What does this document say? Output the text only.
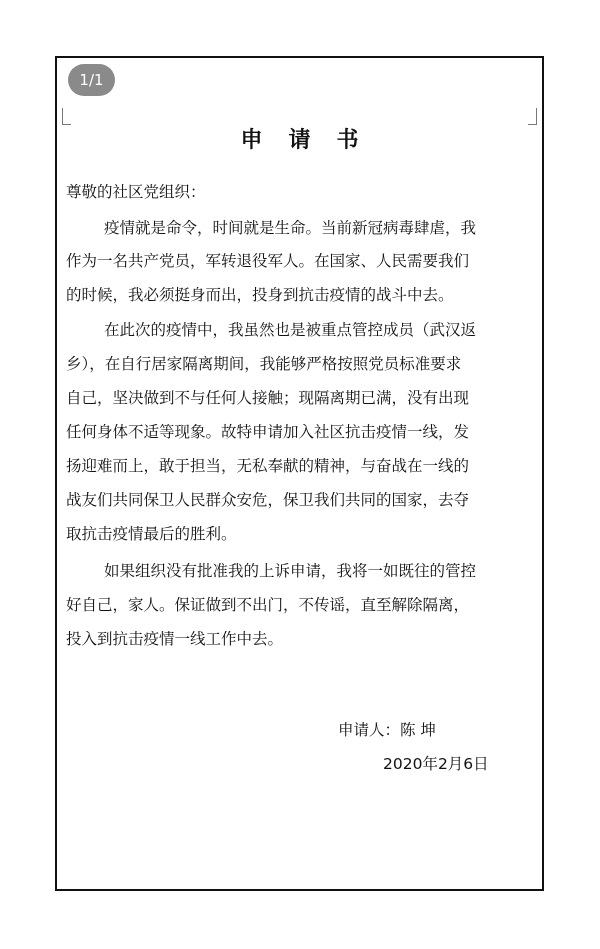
1/1
申请书
尊敬的社区党组织：
疫情就是命令，时间就是生命。当前新冠病毒肆虐，我
作为一名共产党员，军转退役军人。在国家、人民需要我们
的时候，我必须挺身而出，投身到抗击疫情的战斗中去。
在此次的疫情中，我虽然也是被重点管控成员（武汉返
乡），在自行居家隔离期间，我能够严格按照党员标准要求
自己，坚决做到不与任何人接触；现隔离期已满，没有出现
任何身体不适等现象。故特申请加入社区抗击疫情一线，发
扬迎难而上，敢于担当，无私奉献的精神，与奋战在一线的
战友们共同保卫人民群众安危，保卫我们共同的国家，去夺
取抗击疫情最后的胜利。
如果组织没有批准我的上诉申请，我将一如既往的管控
好自己，家人。保证做到不出门，不传谣，直至解除隔离，
投入到抗击疫情一线工作中去。
申请人：陈 坤
2020年2月6日
